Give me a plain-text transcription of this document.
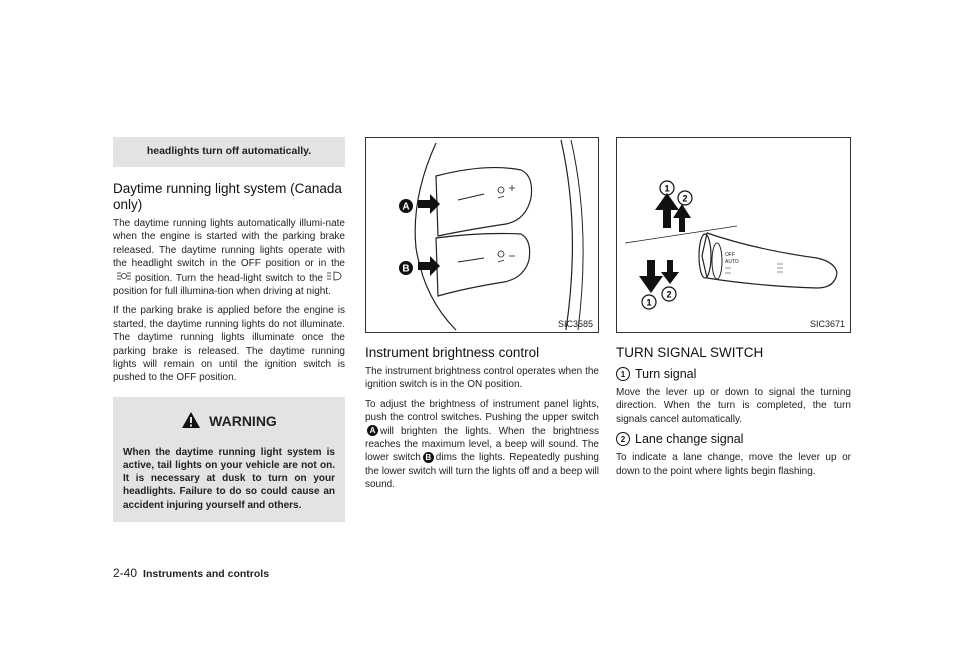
headlights turn off automatically.
Daytime running light system (Canada only)

The daytime running lights automatically illumi-nate when the engine is started with the parking brake released. The daytime running lights operate with the headlight switch in the OFF position or in theposition. Turn the head-light switch to theposition for full illumina-tion when driving at night.

If the parking brake is applied before the engine is started, the daytime running lights do not illuminate. The daytime running lights illuminate once the parking brake is released. The daytime running lights will remain on until the ignition switch is pushed to the OFF position.

WARNING
When the daytime running light system is active, tail lights on your vehicle are not on. It is necessary at dusk to turn on your headlights. Failure to do so could cause an accident injuring yourself and others.
A
B
SIC3585
Instrument brightness control

The instrument brightness control operates when the ignition switch is in the ON position.

To adjust the brightness of instrument panel lights, push the control switches. Pushing the upper switchA will brighten the lights. When the brightness reaches the maximum level, a beep will sound. The lower switch B dims the lights. Repeatedly pushing the lower switch will turn the lights off and a beep will sound.

OFF
AUTO
1
2
1
2
SIC3671
TURN SIGNAL SWITCH
1 Turn signal

Move the lever up or down to signal the turning direction. When the turn is completed, the turn signals cancel automatically.

2 Lane change signal

To indicate a lane change, move the lever up or down to the point where lights begin flashing.

2-40 Instruments and controls
